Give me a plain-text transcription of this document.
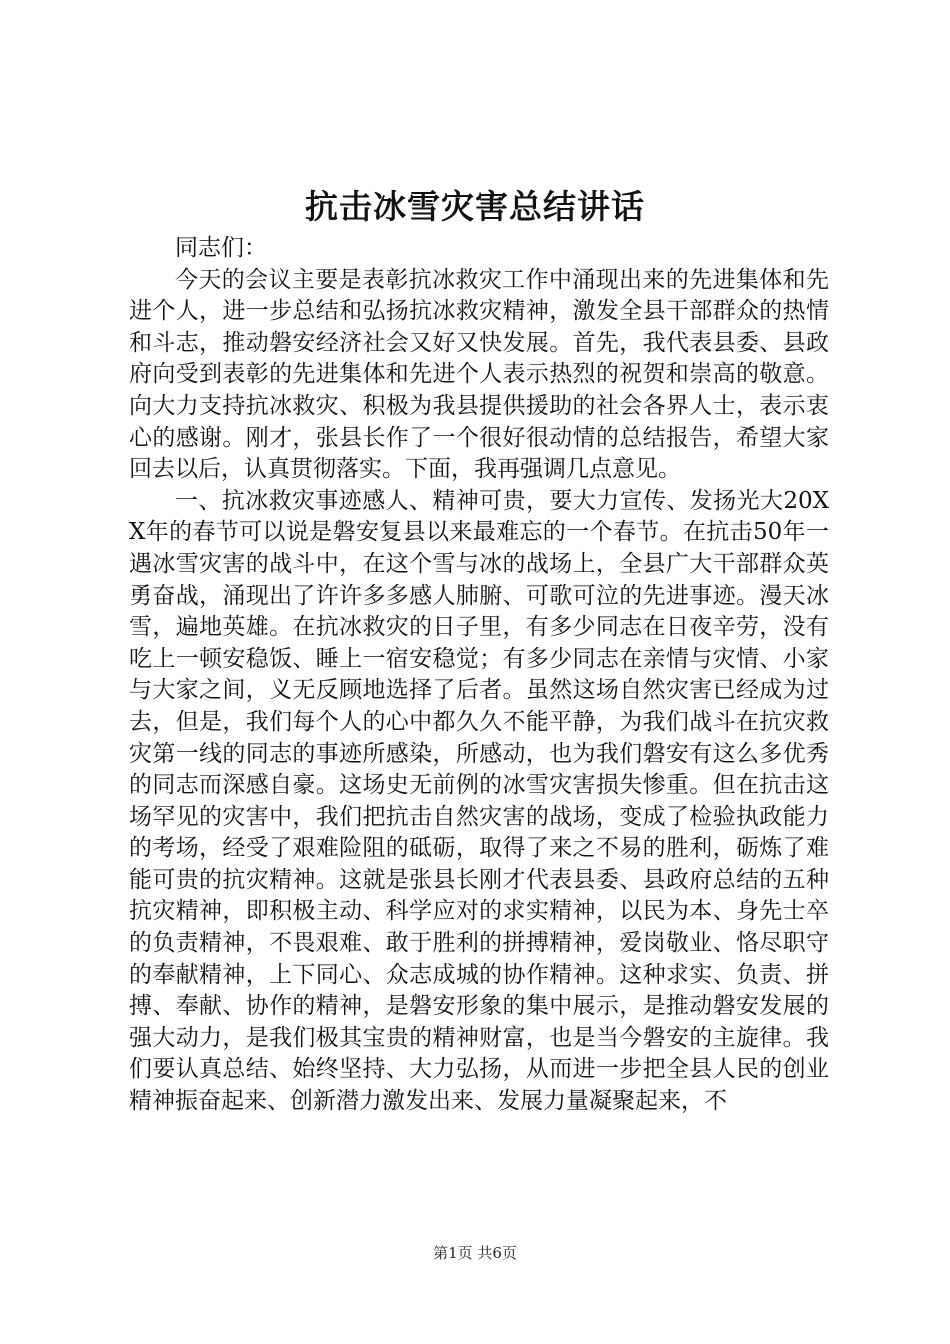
抗击冰雪灾害总结讲话

同志们：

今天的会议主要是表彰抗冰救灾工作中涌现出来的先进集体和先进个人，进一步总结和弘扬抗冰救灾精神，激发全县干部群众的热情和斗志，推动磐安经济社会又好又快发展。首先，我代表县委、县政府向受到表彰的先进集体和先进个人表示热烈的祝贺和崇高的敬意。向大力支持抗冰救灾、积极为我县提供援助的社会各界人士，表示衷心的感谢。刚才，张县长作了一个很好很动情的总结报告，希望大家回去以后，认真贯彻落实。下面，我再强调几点意见。

一、抗冰救灾事迹感人、精神可贵，要大力宣传、发扬光大20XX年的春节可以说是磐安复县以来最难忘的一个春节。在抗击50年一遇冰雪灾害的战斗中，在这个雪与冰的战场上，全县广大干部群众英勇奋战，涌现出了许许多多感人肺腑、可歌可泣的先进事迹。漫天冰雪，遍地英雄。在抗冰救灾的日子里，有多少同志在日夜辛劳，没有吃上一顿安稳饭、睡上一宿安稳觉；有多少同志在亲情与灾情、小家与大家之间，义无反顾地选择了后者。虽然这场自然灾害已经成为过去，但是，我们每个人的心中都久久不能平静，为我们战斗在抗灾救灾第一线的同志的事迹所感染，所感动，也为我们磐安有这么多优秀的同志而深感自豪。这场史无前例的冰雪灾害损失惨重。但在抗击这场罕见的灾害中，我们把抗击自然灾害的战场，变成了检验执政能力的考场，经受了艰难险阻的砥砺，取得了来之不易的胜利，砺炼了难能可贵的抗灾精神。这就是张县长刚才代表县委、县政府总结的五种抗灾精神，即积极主动、科学应对的求实精神，以民为本、身先士卒的负责精神，不畏艰难、敢于胜利的拼搏精神，爱岗敬业、恪尽职守的奉献精神，上下同心、众志成城的协作精神。这种求实、负责、拼搏、奉献、协作的精神，是磐安形象的集中展示，是推动磐安发展的强大动力，是我们极其宝贵的精神财富，也是当今磐安的主旋律。我们要认真总结、始终坚持、大力弘扬，从而进一步把全县人民的创业精神振奋起来、创新潜力激发出来、发展力量凝聚起来，不

第1页 共6页
